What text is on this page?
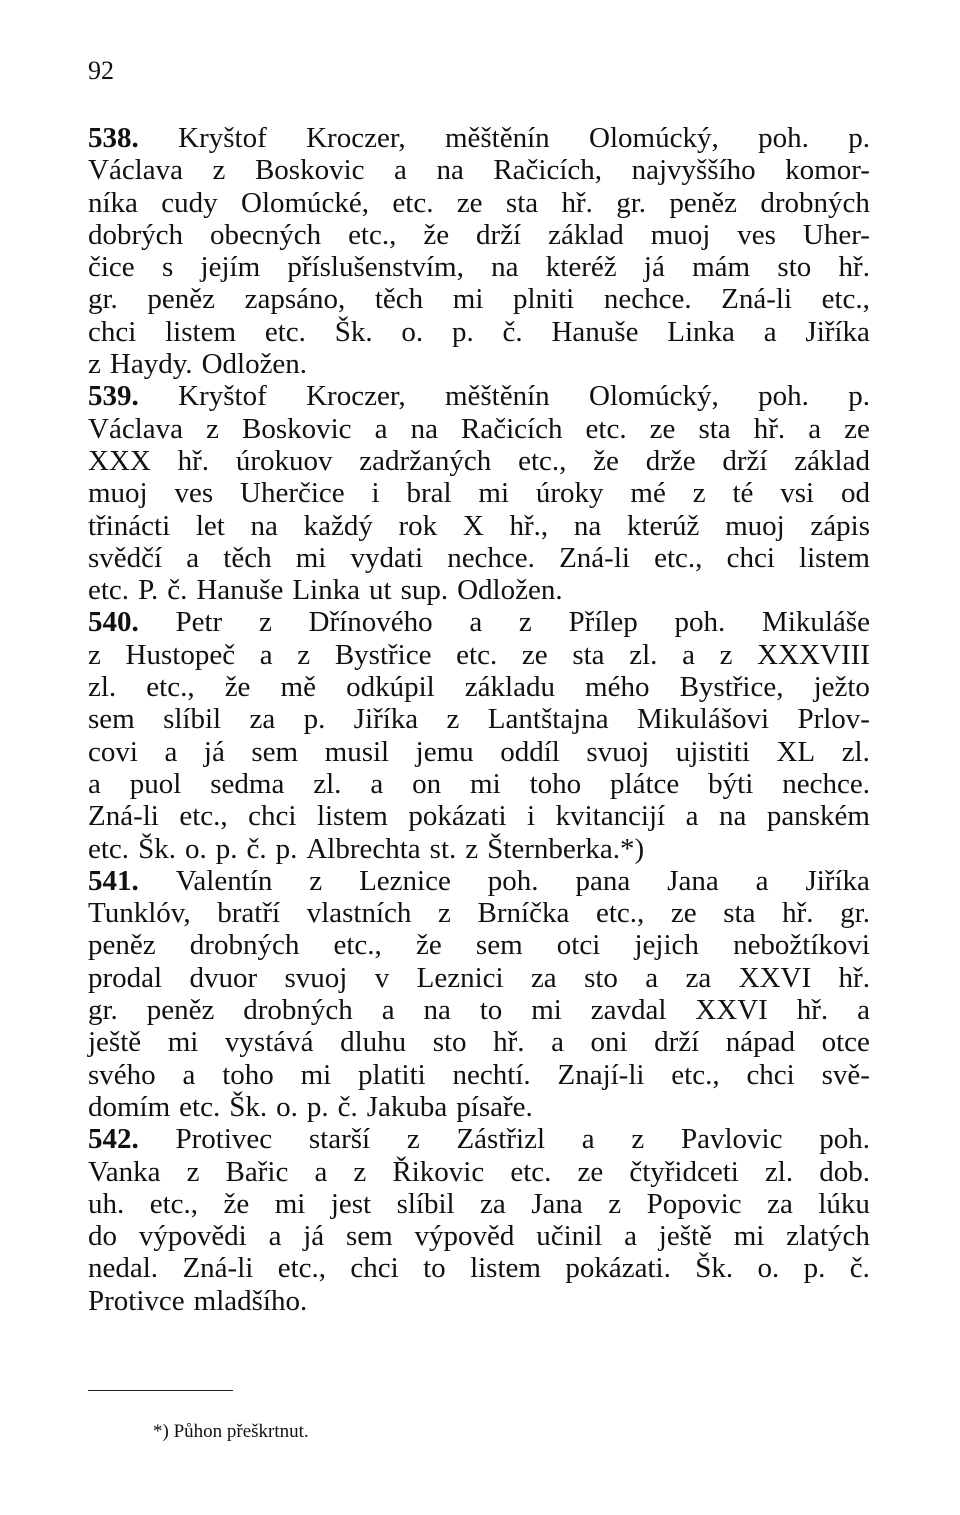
92
538. Kryštof Kroczer, měštěnín Olomúcký, poh. p.
Václava z Boskovic a na Račicích, najvyššího komor-
níka cudy Olomúcké, etc. ze sta hř. gr. peněz drobných
dobrých obecných etc., že drží základ muoj ves Uher-
čice s jejím příslušenstvím, na kteréž já mám sto hř.
gr. peněz zapsáno, těch mi plniti nechce. Zná-li etc.,
chci listem etc. Šk. o. p. č. Hanuše Linka a Jiříka
z Haydy. Odložen.
539. Kryštof Kroczer, měštěnín Olomúcký, poh. p.
Václava z Boskovic a na Račicích etc. ze sta hř. a ze
XXX hř. úrokuov zadržaných etc., že drže drží základ
muoj ves Uherčice i bral mi úroky mé z té vsi od
třinácti let na každý rok X hř., na kterúž muoj zápis
svědčí a těch mi vydati nechce. Zná-li etc., chci listem
etc. P. č. Hanuše Linka ut sup. Odložen.
540. Petr z Dřínového a z Přílep poh. Mikuláše
z Hustopeč a z Bystřice etc. ze sta zl. a z XXXVIII
zl. etc., že mě odkúpil základu mého Bystřice, ježto
sem slíbil za p. Jiříka z Lantštajna Mikulášovi Prlov-
covi a já sem musil jemu oddíl svuoj ujistiti XL zl.
a puol sedma zl. a on mi toho plátce býti nechce.
Zná-li etc., chci listem pokázati i kvitancijí a na panském
etc. Šk. o. p. č. p. Albrechta st. z Šternberka.*)
541. Valentín z Leznice poh. pana Jana a Jiříka
Tunklóv, bratří vlastních z Brníčka etc., ze sta hř. gr.
peněz drobných etc., že sem otci jejich nebožtíkovi
prodal dvuor svuoj v Leznici za sto a za XXVI hř.
gr. peněz drobných a na to mi zavdal XXVI hř. a
ještě mi vystává dluhu sto hř. a oni drží nápad otce
svého a toho mi platiti nechtí. Znají-li etc., chci svě-
domím etc. Šk. o. p. č. Jakuba písaře.
542. Protivec starší z Zástřizl a z Pavlovic poh.
Vanka z Bařic a z Řikovic etc. ze čtyřidceti zl. dob.
uh. etc., že mi jest slíbil za Jana z Popovic za lúku
do výpovědi a já sem výpověd učinil a ještě mi zlatých
nedal. Zná-li etc., chci to listem pokázati. Šk. o. p. č.
Protivce mladšího.
*) Půhon přeškrtnut.
